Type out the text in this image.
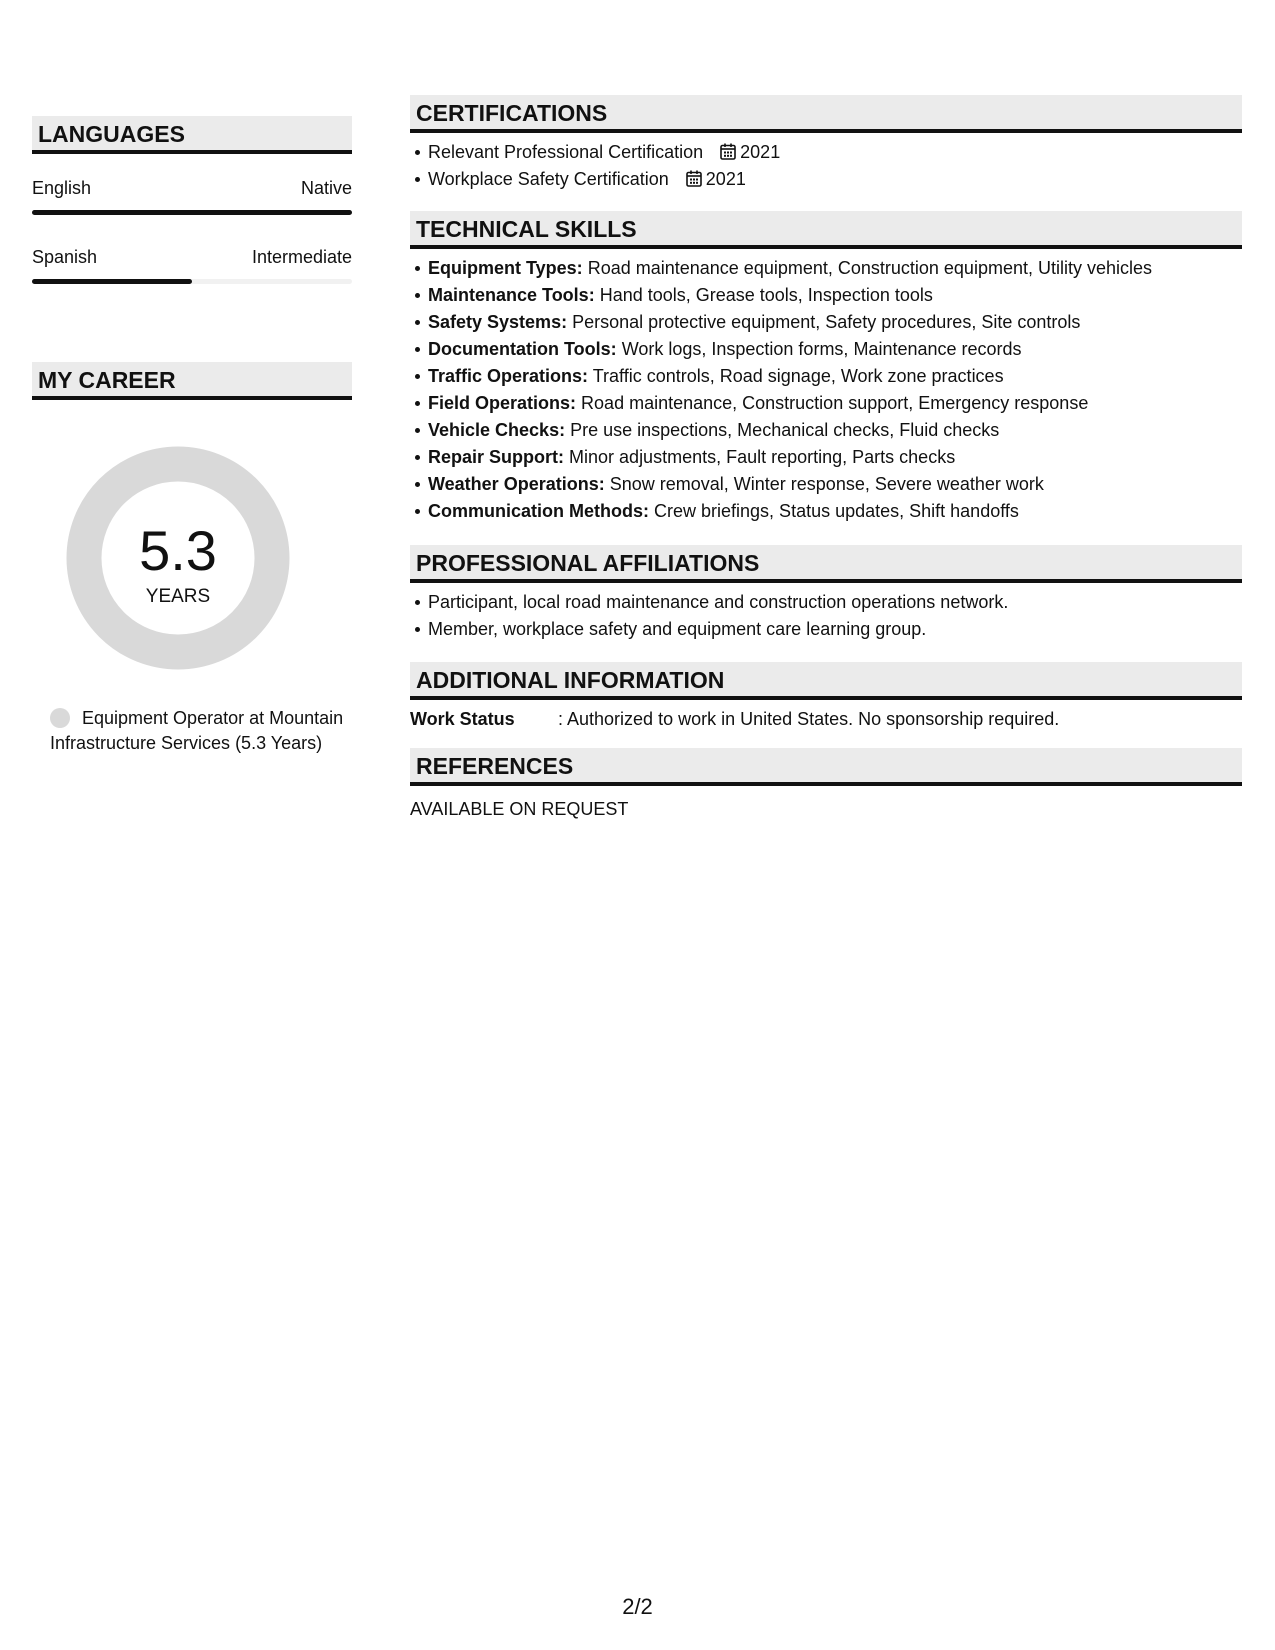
LANGUAGES
English	Native
Spanish	Intermediate
MY CAREER
5.3
YEARS
Equipment Operator at Mountain Infrastructure Services (5.3 Years)
CERTIFICATIONS
Relevant Professional Certification 2021
Workplace Safety Certification 2021
TECHNICAL SKILLS
Equipment Types: Road maintenance equipment, Construction equipment, Utility vehicles
Maintenance Tools: Hand tools, Grease tools, Inspection tools
Safety Systems: Personal protective equipment, Safety procedures, Site controls
Documentation Tools: Work logs, Inspection forms, Maintenance records
Traffic Operations: Traffic controls, Road signage, Work zone practices
Field Operations: Road maintenance, Construction support, Emergency response
Vehicle Checks: Pre use inspections, Mechanical checks, Fluid checks
Repair Support: Minor adjustments, Fault reporting, Parts checks
Weather Operations: Snow removal, Winter response, Severe weather work
Communication Methods: Crew briefings, Status updates, Shift handoffs
PROFESSIONAL AFFILIATIONS
Participant, local road maintenance and construction operations network.
Member, workplace safety and equipment care learning group.
ADDITIONAL INFORMATION
Work Status : Authorized to work in United States. No sponsorship required.
REFERENCES
AVAILABLE ON REQUEST
2/2
